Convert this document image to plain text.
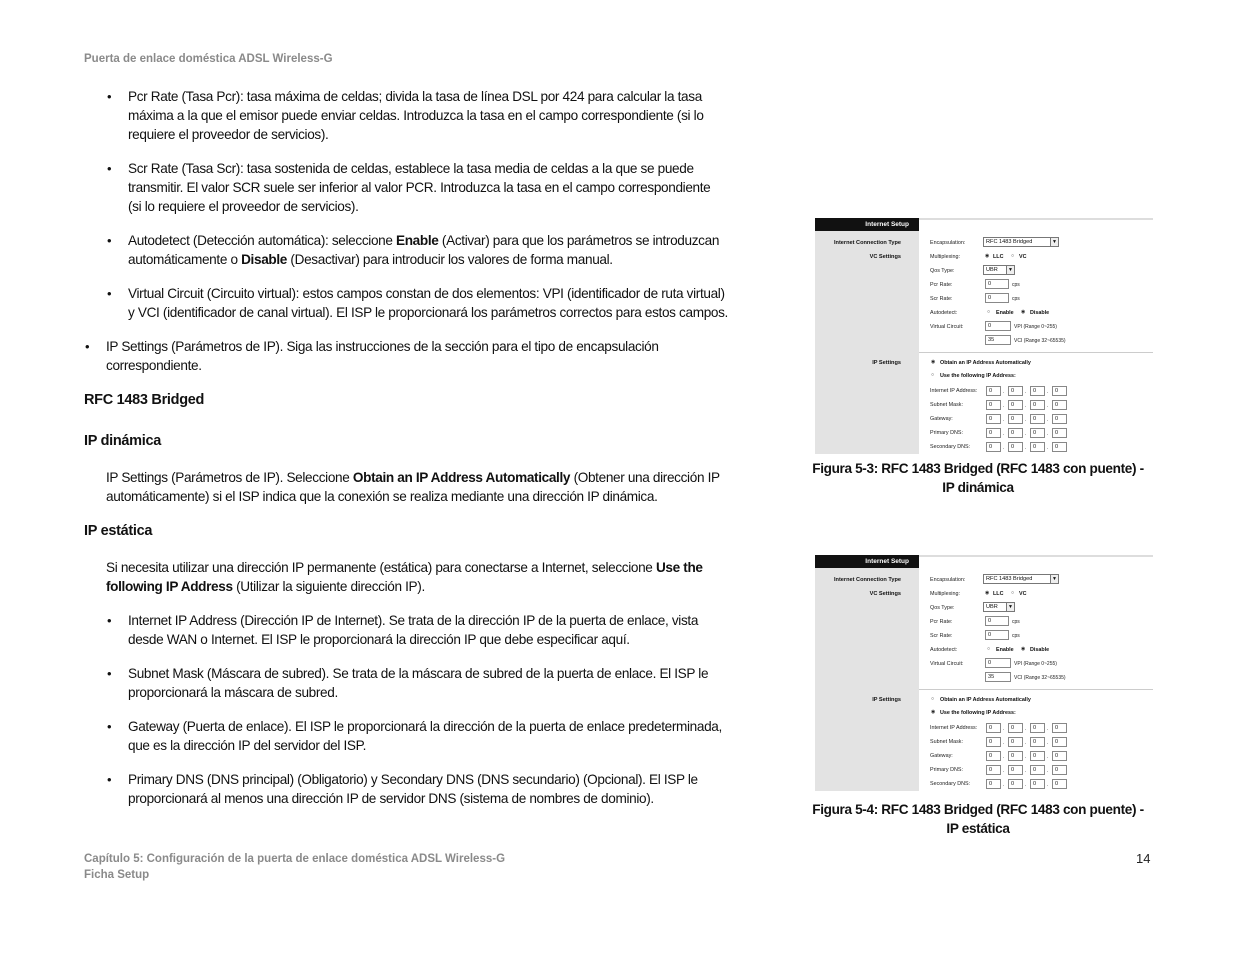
Puerta de enlace doméstica ADSL Wireless-G
• Pcr Rate (Tasa Pcr): tasa máxima de celdas; divida la tasa de línea DSL por 424 para calcular la tasa
máxima a la que el emisor puede enviar celdas. Introduzca la tasa en el campo correspondiente (si lo
requiere el proveedor de servicios).
• Scr Rate (Tasa Scr): tasa sostenida de celdas, establece la tasa media de celdas a la que se puede
transmitir. El valor SCR suele ser inferior al valor PCR. Introduzca la tasa en el campo correspondiente
(si lo requiere el proveedor de servicios).
• Autodetect (Detección automática): seleccione Enable (Activar) para que los parámetros se introduzcan
automáticamente o Disable (Desactivar) para introducir los valores de forma manual.
• Virtual Circuit (Circuito virtual): estos campos constan de dos elementos: VPI (identificador de ruta virtual)
y VCI (identificador de canal virtual). El ISP le proporcionará los parámetros correctos para estos campos.
• IP Settings (Parámetros de IP). Siga las instrucciones de la sección para el tipo de encapsulación
correspondiente.
RFC 1483 Bridged
IP dinámica
IP Settings (Parámetros de IP). Seleccione Obtain an IP Address Automatically (Obtener una dirección IP
automáticamente) si el ISP indica que la conexión se realiza mediante una dirección IP dinámica.
IP estática
Si necesita utilizar una dirección IP permanente (estática) para conectarse a Internet, seleccione Use the
following IP Address (Utilizar la siguiente dirección IP).
• Internet IP Address (Dirección IP de Internet). Se trata de la dirección IP de la puerta de enlace, vista
desde WAN o Internet. El ISP le proporcionará la dirección IP que debe especificar aquí.
• Subnet Mask (Máscara de subred). Se trata de la máscara de subred de la puerta de enlace. El ISP le
proporcionará la máscara de subred.
• Gateway (Puerta de enlace). El ISP le proporcionará la dirección de la puerta de enlace predeterminada,
que es la dirección IP del servidor del ISP.
• Primary DNS (DNS principal) (Obligatorio) y Secondary DNS (DNS secundario) (Opcional). El ISP le
proporcionará al menos una dirección IP de servidor DNS (sistema de nombres de dominio).
Internet Setup
Internet Connection Type
VC Settings
IP Settings
Encapsulation:	RFC 1483 Bridged	▼
Multiplexing:	◉ LLC ○ VC
Qos Type:	UBR	▼
Pcr Rate:	0	cps
Scr Rate:	0	cps
Autodetect:	○ Enable ◉ Disable
Virtual Circuit:	0	VPI (Range 0~255)
35	VCI (Range 32~65535)
◉ Obtain an IP Address Automatically
○ Use the following IP Address:
Internet IP Address:	0	.	0	.	0	.	0
Subnet Mask:	0	.	0	.	0	.	0
Gateway:	0	.	0	.	0	.	0
Primary DNS:	0	.	0	.	0	.	0
Secondary DNS:	0	.	0	.	0	.	0
Figura 5-3: RFC 1483 Bridged (RFC 1483 con puente) -
IP dinámica
Internet Setup
Internet Connection Type
VC Settings
IP Settings
Encapsulation:	RFC 1483 Bridged	▼
Multiplexing:	◉ LLC ○ VC
Qos Type:	UBR	▼
Pcr Rate:	0	cps
Scr Rate:	0	cps
Autodetect:	○ Enable ◉ Disable
Virtual Circuit:	0	VPI (Range 0~255)
35	VCI (Range 32~65535)
○ Obtain an IP Address Automatically
◉ Use the following IP Address:
Internet IP Address:	0	.	0	.	0	.	0
Subnet Mask:	0	.	0	.	0	.	0
Gateway:	0	.	0	.	0	.	0
Primary DNS:	0	.	0	.	0	.	0
Secondary DNS:	0	.	0	.	0	.	0
Figura 5-4: RFC 1483 Bridged (RFC 1483 con puente) -
IP estática
Capítulo 5: Configuración de la puerta de enlace doméstica ADSL Wireless-G
Ficha Setup
14
